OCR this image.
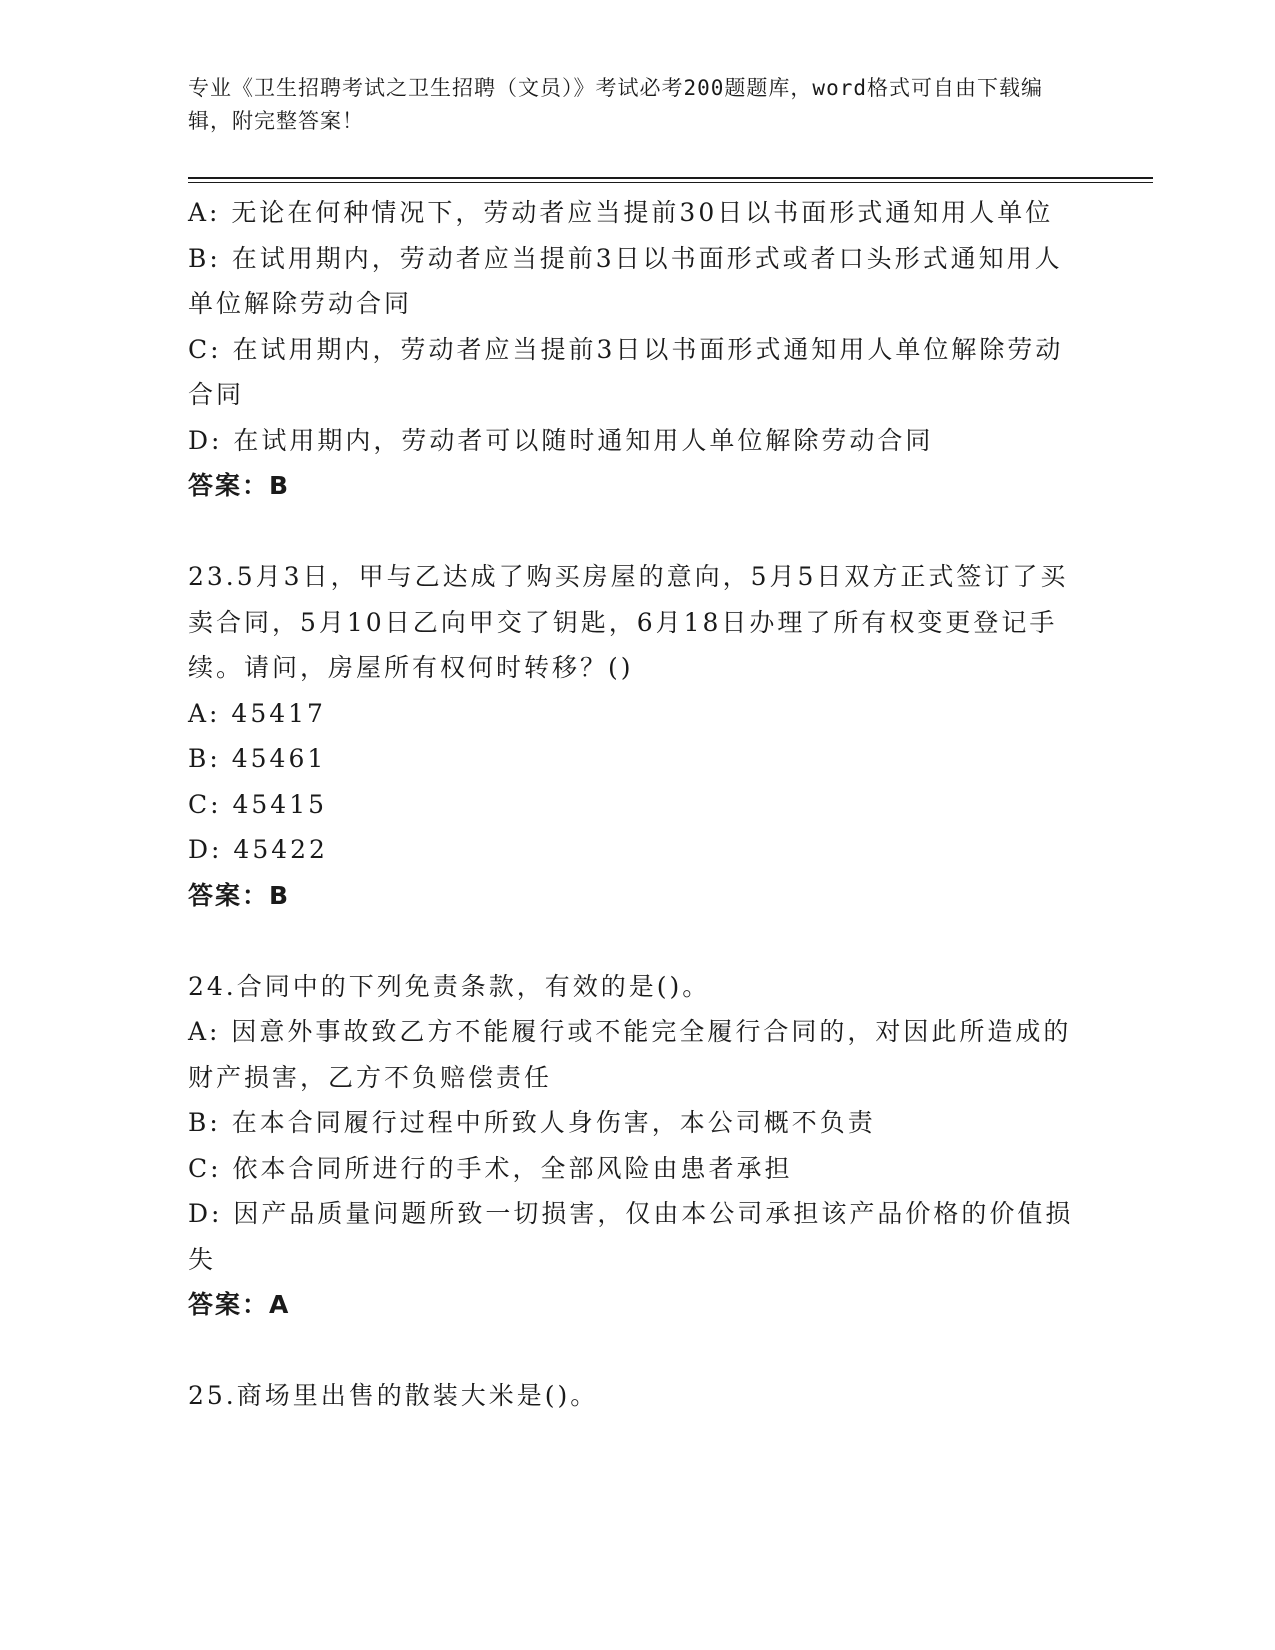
专业《卫生招聘考试之卫生招聘（文员）》考试必考200题题库，word格式可自由下载编辑，附完整答案！

A: 无论在何种情况下，劳动者应当提前30日以书面形式通知用人单位

B: 在试用期内，劳动者应当提前3日以书面形式或者口头形式通知用人单位解除劳动合同

C: 在试用期内，劳动者应当提前3日以书面形式通知用人单位解除劳动合同

D: 在试用期内，劳动者可以随时通知用人单位解除劳动合同

答案：B

23.5月3日，甲与乙达成了购买房屋的意向，5月5日双方正式签订了买卖合同，5月10日乙向甲交了钥匙，6月18日办理了所有权变更登记手续。请问，房屋所有权何时转移？()

A: 45417

B: 45461

C: 45415

D: 45422

答案：B

24.合同中的下列免责条款，有效的是()。

A: 因意外事故致乙方不能履行或不能完全履行合同的，对因此所造成的财产损害，乙方不负赔偿责任

B: 在本合同履行过程中所致人身伤害，本公司概不负责

C: 依本合同所进行的手术，全部风险由患者承担

D: 因产品质量问题所致一切损害，仅由本公司承担该产品价格的价值损失

答案：A

25.商场里出售的散装大米是()。
